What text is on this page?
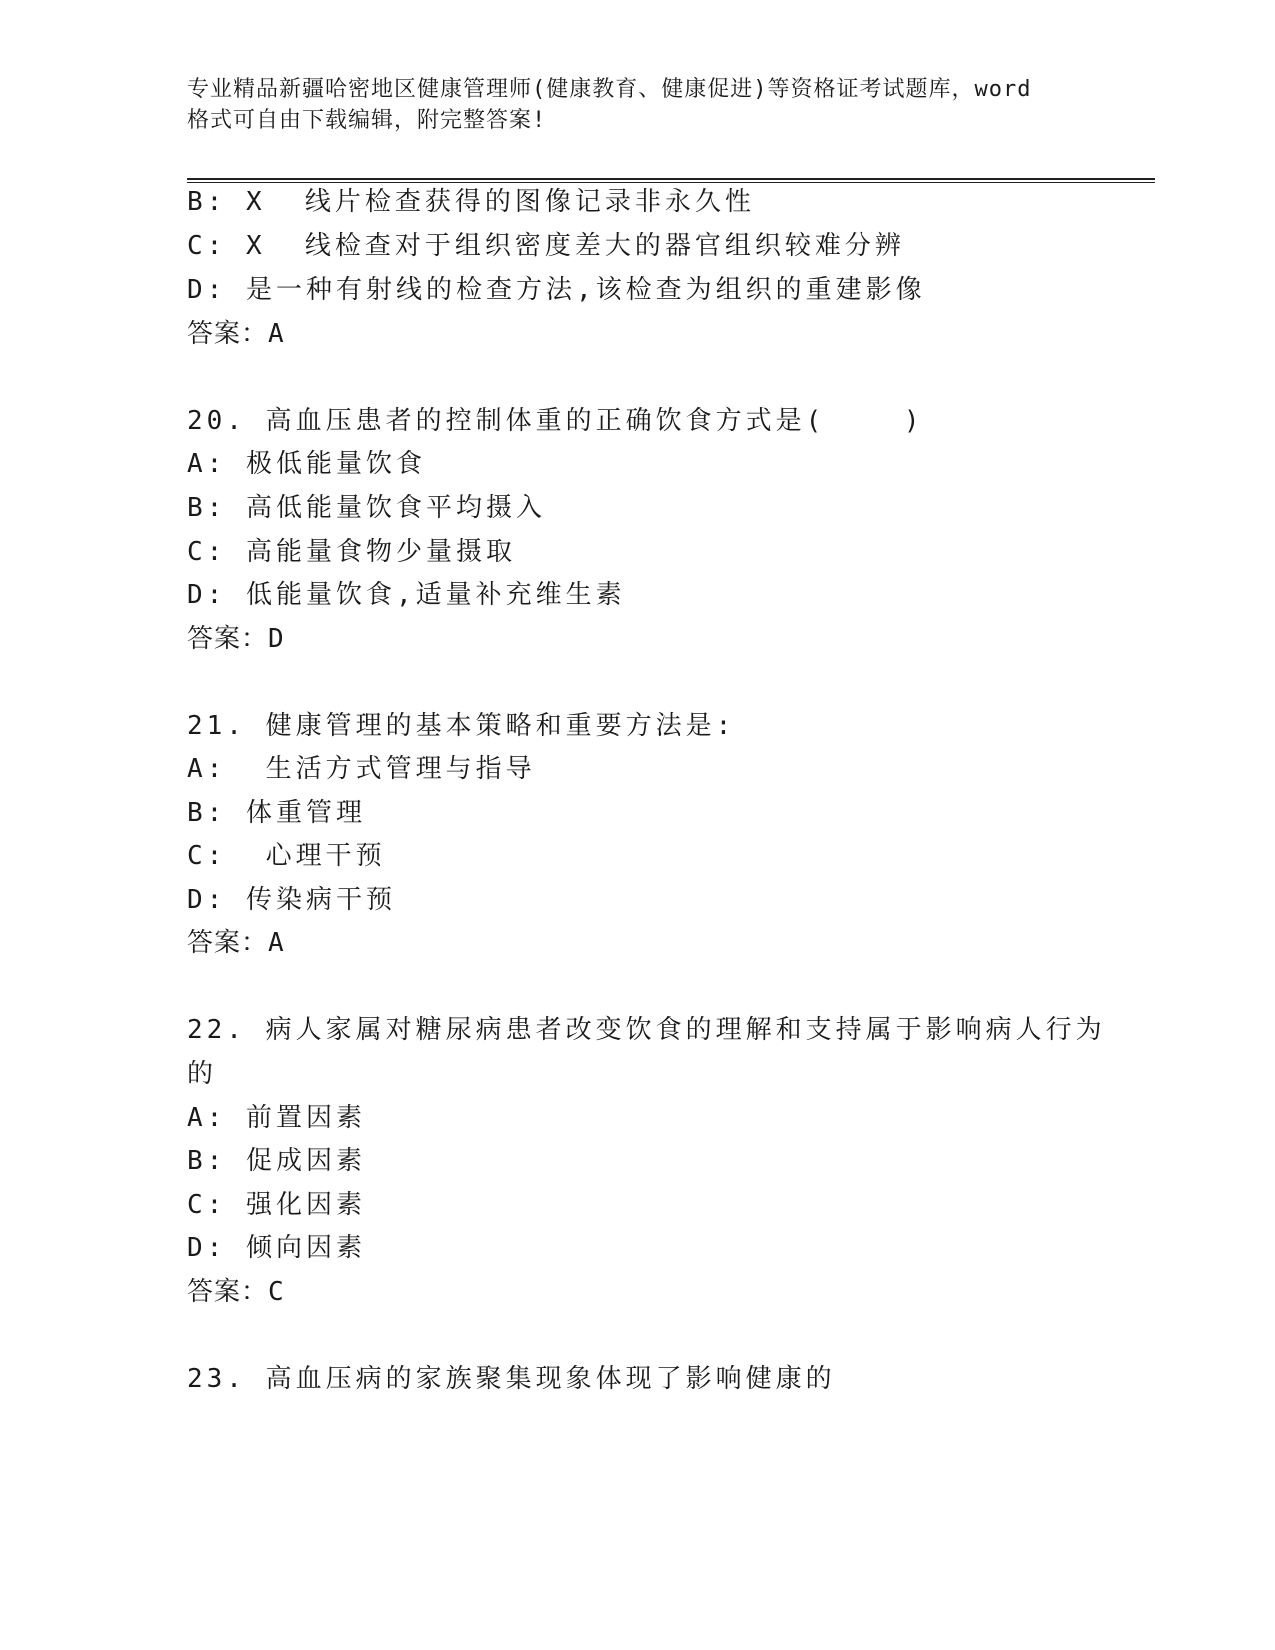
专业精品新疆哈密地区健康管理师(健康教育、健康促进)等资格证考试题库，word
格式可自由下载编辑，附完整答案!
B: X  线片检查获得的图像记录非永久性
C: X  线检查对于组织密度差大的器官组织较难分辨
D: 是一种有射线的检查方法,该检查为组织的重建影像
答案：A
20. 高血压患者的控制体重的正确饮食方式是(    )
A: 极低能量饮食
B: 高低能量饮食平均摄入
C: 高能量食物少量摄取
D: 低能量饮食,适量补充维生素
答案：D
21. 健康管理的基本策略和重要方法是:
A:  生活方式管理与指导
B: 体重管理
C:  心理干预
D: 传染病干预
答案：A
22. 病人家属对糖尿病患者改变饮食的理解和支持属于影响病人行为
的
A: 前置因素
B: 促成因素
C: 强化因素
D: 倾向因素
答案：C
23. 高血压病的家族聚集现象体现了影响健康的
